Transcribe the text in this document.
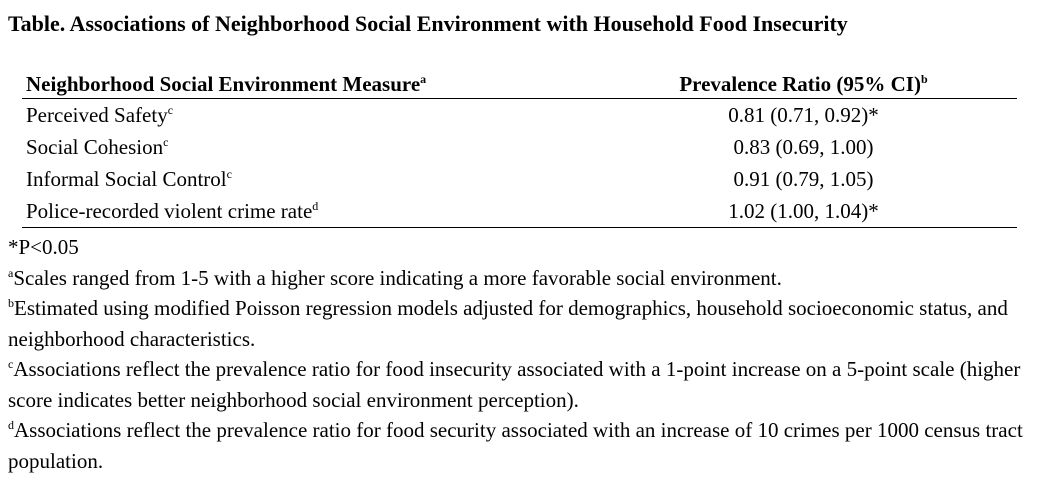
Table. Associations of Neighborhood Social Environment with Household Food Insecurity
Neighborhood Social Environment Measure$^a$	Prevalence Ratio (95% CI)$^b$
Perceived Safety$^c$	0.81 (0.71, 0.92)*
Social Cohesion$^c$	0.83 (0.69, 1.00)
Informal Social Control$^c$	0.91 (0.79, 1.05)
Police-recorded violent crime rate$^d$	1.02 (1.00, 1.04)*

*P<0.05

$^a$Scales ranged from 1-5 with a higher score indicating a more favorable social environment.

$^b$Estimated using modified Poisson regression models adjusted for demographics, household socioeconomic status, and neighborhood characteristics.

$^c$Associations reflect the prevalence ratio for food insecurity associated with a 1-point increase on a 5-point scale (higher score indicates better neighborhood social environment perception).

$^d$Associations reflect the prevalence ratio for food security associated with an increase of 10 crimes per 1000 census tract population.
